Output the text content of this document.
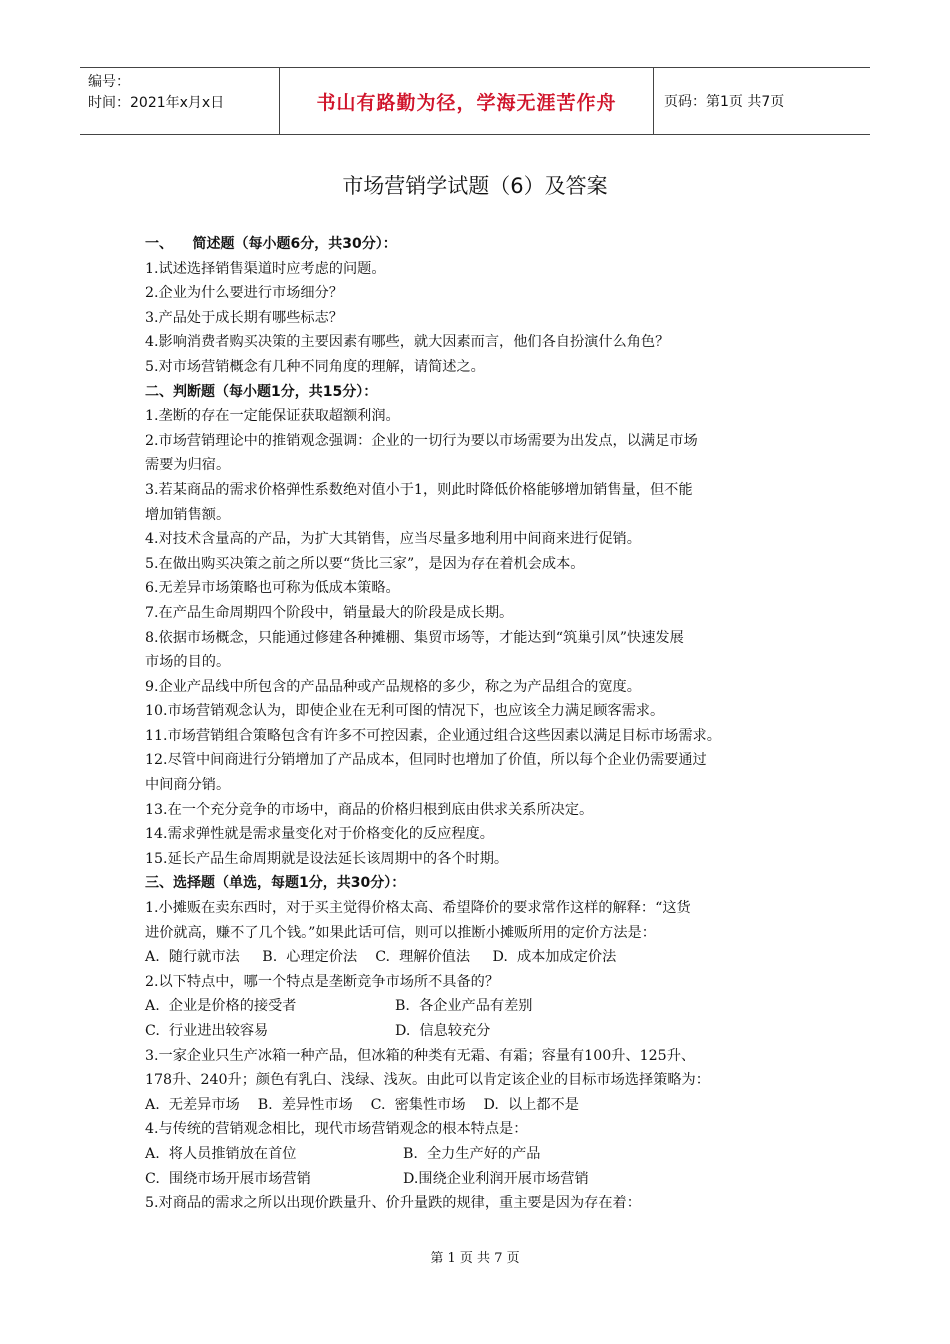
编号：
时间：2021年x月x日	书山有路勤为径，学海无涯苦作舟	页码：第1页 共7页
市场营销学试题（6）及答案

一、    简述题（每小题6分，共30分）：

1.试述选择销售渠道时应考虑的问题。

2.企业为什么要进行市场细分？

3.产品处于成长期有哪些标志？

4.影响消费者购买决策的主要因素有哪些，就大因素而言，他们各自扮演什么角色？

5.对市场营销概念有几种不同角度的理解，请简述之。

二、判断题（每小题1分，共15分）：

1.垄断的存在一定能保证获取超额利润。

2.市场营销理论中的推销观念强调：企业的一切行为要以市场需要为出发点，以满足市场

需要为归宿。

3.若某商品的需求价格弹性系数绝对值小于1，则此时降低价格能够增加销售量，但不能

增加销售额。

4.对技术含量高的产品，为扩大其销售，应当尽量多地利用中间商来进行促销。

5.在做出购买决策之前之所以要“货比三家”，是因为存在着机会成本。

6.无差异市场策略也可称为低成本策略。

7.在产品生命周期四个阶段中，销量最大的阶段是成长期。

8.依据市场概念，只能通过修建各种摊棚、集贸市场等，才能达到“筑巢引凤”快速发展

市场的目的。

9.企业产品线中所包含的产品品种或产品规格的多少，称之为产品组合的宽度。

10.市场营销观念认为，即使企业在无利可图的情况下，也应该全力满足顾客需求。

11.市场营销组合策略包含有许多不可控因素，企业通过组合这些因素以满足目标市场需求。

12.尽管中间商进行分销增加了产品成本，但同时也增加了价值，所以每个企业仍需要通过

中间商分销。

13.在一个充分竞争的市场中，商品的价格归根到底由供求关系所决定。

14.需求弹性就是需求量变化对于价格变化的反应程度。

15.延长产品生命周期就是设法延长该周期中的各个时期。

三、选择题（单选，每题1分，共30分）：

1.小摊贩在卖东西时，对于买主觉得价格太高、希望降价的要求常作这样的解释：“这货

进价就高，赚不了几个钱。”如果此话可信，则可以推断小摊贩所用的定价方法是：

A.  随行就市法     B.  心理定价法    C.  理解价值法     D.  成本加成定价法

2.以下特点中，哪一个特点是垄断竞争市场所不具备的？

A.  企业是价格的接受者	B.  各企业产品有差别

C.  行业进出较容易	D.  信息较充分

3.一家企业只生产冰箱一种产品，但冰箱的种类有无霜、有霜；容量有100升、125升、

178升、240升；颜色有乳白、浅绿、浅灰。由此可以肯定该企业的目标市场选择策略为：

A.  无差异市场    B.  差异性市场    C.  密集性市场    D.  以上都不是

4.与传统的营销观念相比，现代市场营销观念的根本特点是：

A.  将人员推销放在首位	B.  全力生产好的产品

C.  围绕市场开展市场营销	D.围绕企业利润开展市场营销

5.对商品的需求之所以出现价跌量升、价升量跌的规律，重主要是因为存在着：

第 1 页 共 7 页
